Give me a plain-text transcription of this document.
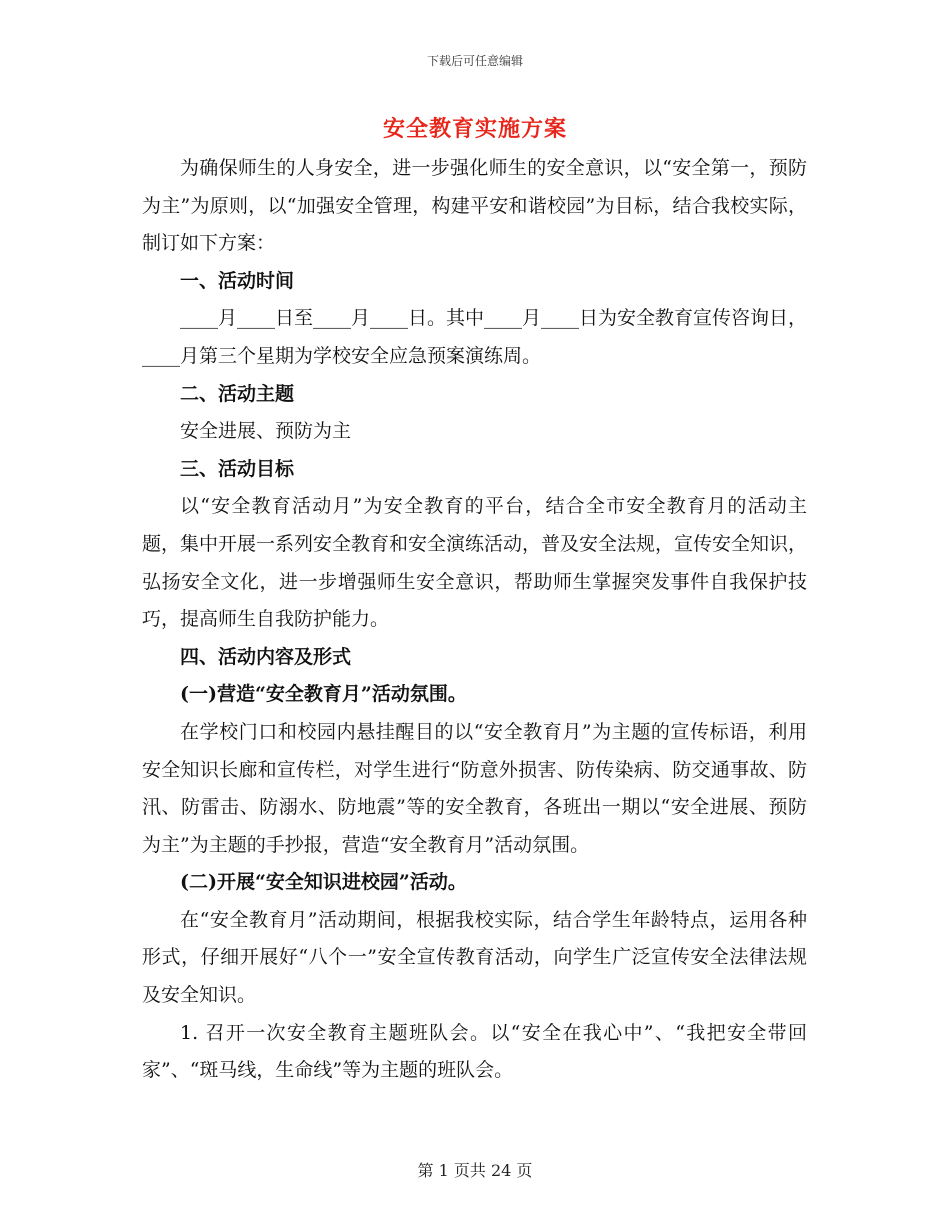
下载后可任意编辑
安全教育实施方案

为确保师生的人身安全，进一步强化师生的安全意识，以“安全第一，预防为主”为原则，以“加强安全管理，构建平安和谐校园”为目标，结合我校实际，制订如下方案：

一、活动时间

____月____日至____月____日。其中____月____日为安全教育宣传咨询日，____月第三个星期为学校安全应急预案演练周。

二、活动主题

安全进展、预防为主

三、活动目标

以“安全教育活动月”为安全教育的平台，结合全市安全教育月的活动主题，集中开展一系列安全教育和安全演练活动，普及安全法规，宣传安全知识，弘扬安全文化，进一步增强师生安全意识，帮助师生掌握突发事件自我保护技巧，提高师生自我防护能力。

四、活动内容及形式

(一)营造“安全教育月”活动氛围。

在学校门口和校园内悬挂醒目的以“安全教育月”为主题的宣传标语，利用安全知识长廊和宣传栏，对学生进行“防意外损害、防传染病、防交通事故、防汛、防雷击、防溺水、防地震”等的安全教育，各班出一期以“安全进展、预防为主”为主题的手抄报，营造“安全教育月”活动氛围。

(二)开展“安全知识进校园”活动。

在“安全教育月”活动期间，根据我校实际，结合学生年龄特点，运用各种形式，仔细开展好“八个一”安全宣传教育活动，向学生广泛宣传安全法律法规及安全知识。

1. 召开一次安全教育主题班队会。以“安全在我心中”、“我把安全带回家”、“斑马线，生命线”等为主题的班队会。

第 1 页共 24 页
